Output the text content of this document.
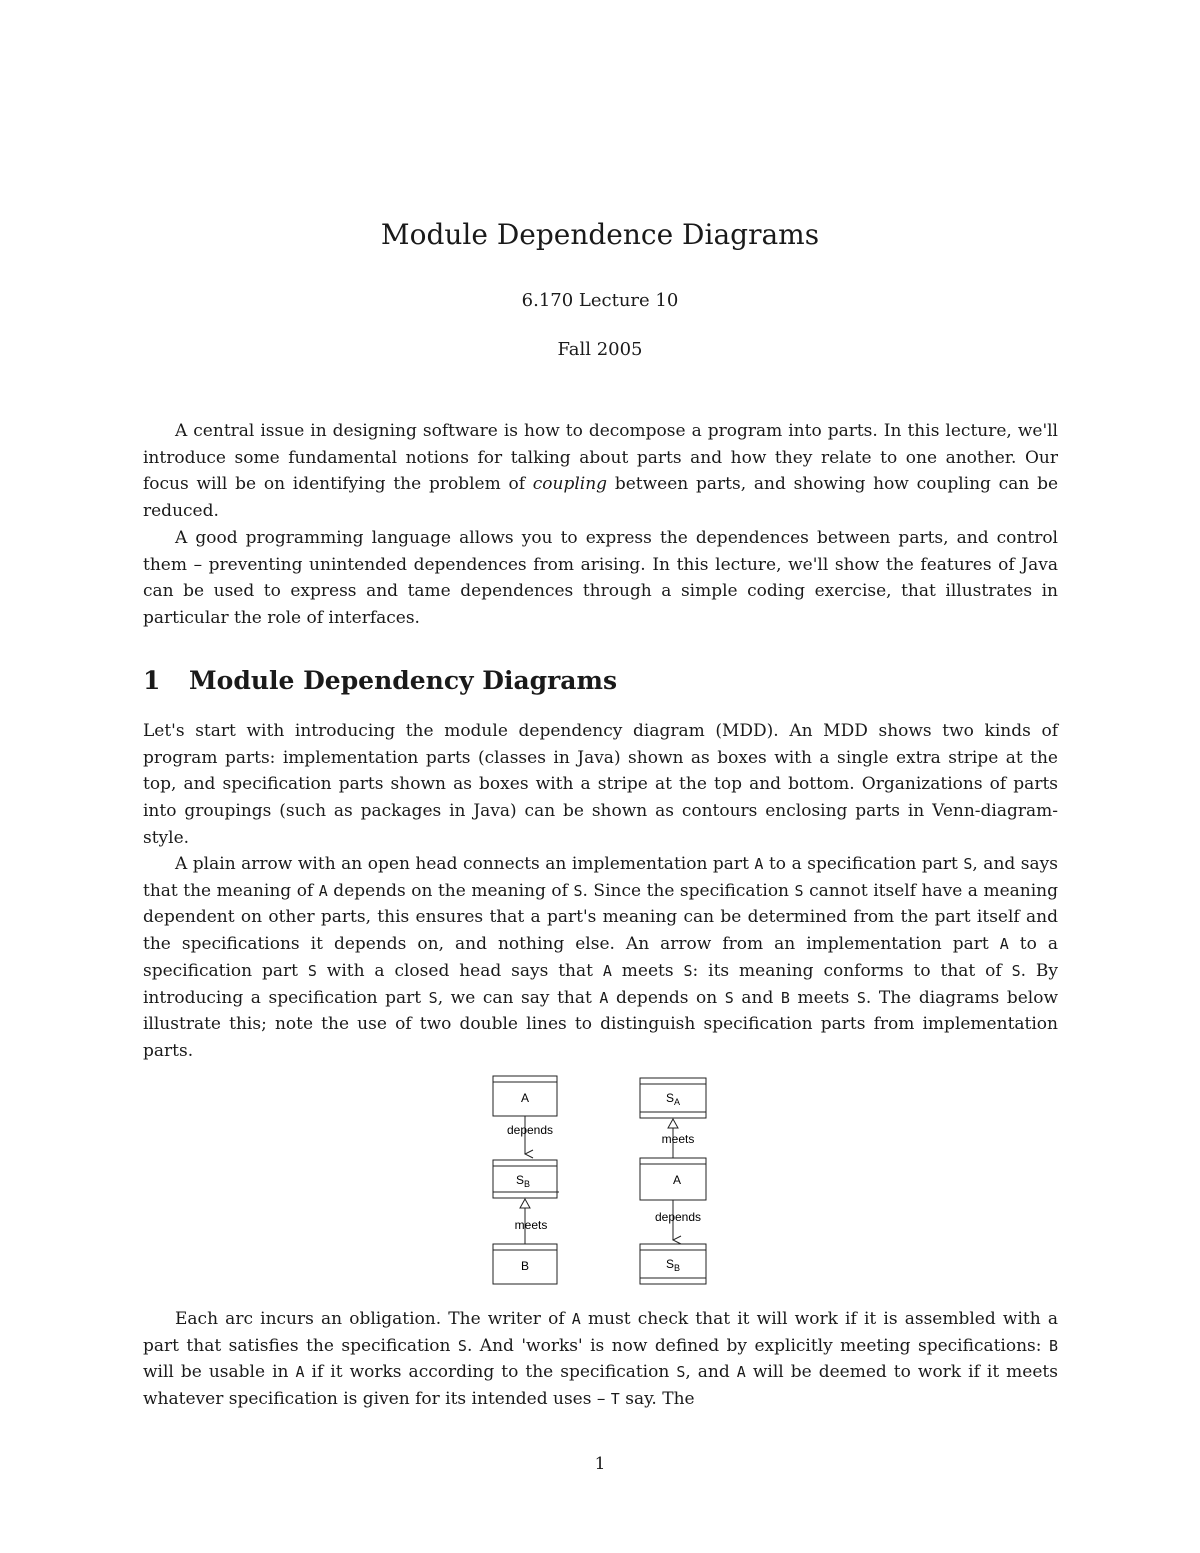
Module Dependence Diagrams
6.170 Lecture 10
Fall 2005

A central issue in designing software is how to decompose a program into parts. In this lecture, we'll introduce some fundamental notions for talking about parts and how they relate to one another. Our focus will be on identifying the problem of coupling between parts, and showing how coupling can be reduced.

A good programming language allows you to express the dependences between parts, and control them – preventing unintended dependences from arising. In this lecture, we'll show the features of Java can be used to express and tame dependences through a simple coding exercise, that illustrates in particular the role of interfaces.

1 Module Dependency Diagrams

Let's start with introducing the module dependency diagram (MDD). An MDD shows two kinds of program parts: implementation parts (classes in Java) shown as boxes with a single extra stripe at the top, and specification parts shown as boxes with a stripe at the top and bottom. Organizations of parts into groupings (such as packages in Java) can be shown as contours enclosing parts in Venn-diagram-style.

A plain arrow with an open head connects an implementation part A to a specification part S, and says that the meaning of A depends on the meaning of S. Since the specification S cannot itself have a meaning dependent on other parts, this ensures that a part's meaning can be determined from the part itself and the specifications it depends on, and nothing else. An arrow from an implementation part A to a specification part S with a closed head says that A meets S: its meaning conforms to that of S. By introducing a specification part S, we can say that A depends on S and B meets S. The diagrams below illustrate this; note the use of two double lines to distinguish specification parts from implementation parts.

A
depends
$S_B$
meets
B
$S_A$
meets
A
depends
$S_B$

Each arc incurs an obligation. The writer of A must check that it will work if it is assembled with a part that satisfies the specification S. And 'works' is now defined by explicitly meeting specifications: B will be usable in A if it works according to the specification S, and A will be deemed to work if it meets whatever specification is given for its intended uses – T say. The

1
